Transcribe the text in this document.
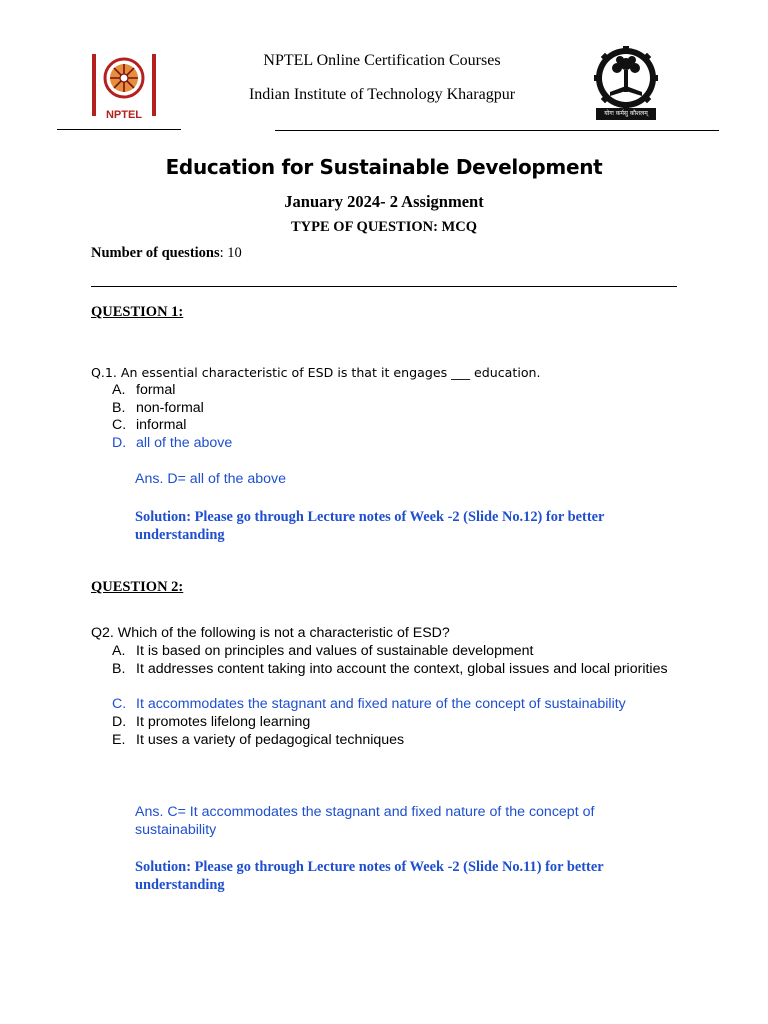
NPTEL	योगः कर्मसु कौशलम्
NPTEL Online Certification Courses
Indian Institute of Technology Kharagpur
Education for Sustainable Development
January 2024- 2 Assignment
TYPE OF QUESTION: MCQ
Number of questions: 10
QUESTION 1:
Q.1. An essential characteristic of ESD is that it engages ___ education.
A. formal
B. non-formal
C. informal
D. all of the above
Ans. D= all of the above
Solution: Please go through Lecture notes of Week -2 (Slide No.12) for better understanding
QUESTION 2:
Q2. Which of the following is not a characteristic of ESD?
A. It is based on principles and values of sustainable development
B. It addresses content taking into account the context, global issues and local priorities
C. It accommodates the stagnant and fixed nature of the concept of sustainability
D. It promotes lifelong learning
E. It uses a variety of pedagogical techniques
Ans. C= It accommodates the stagnant and fixed nature of the concept of sustainability
Solution: Please go through Lecture notes of Week -2 (Slide No.11) for better understanding
